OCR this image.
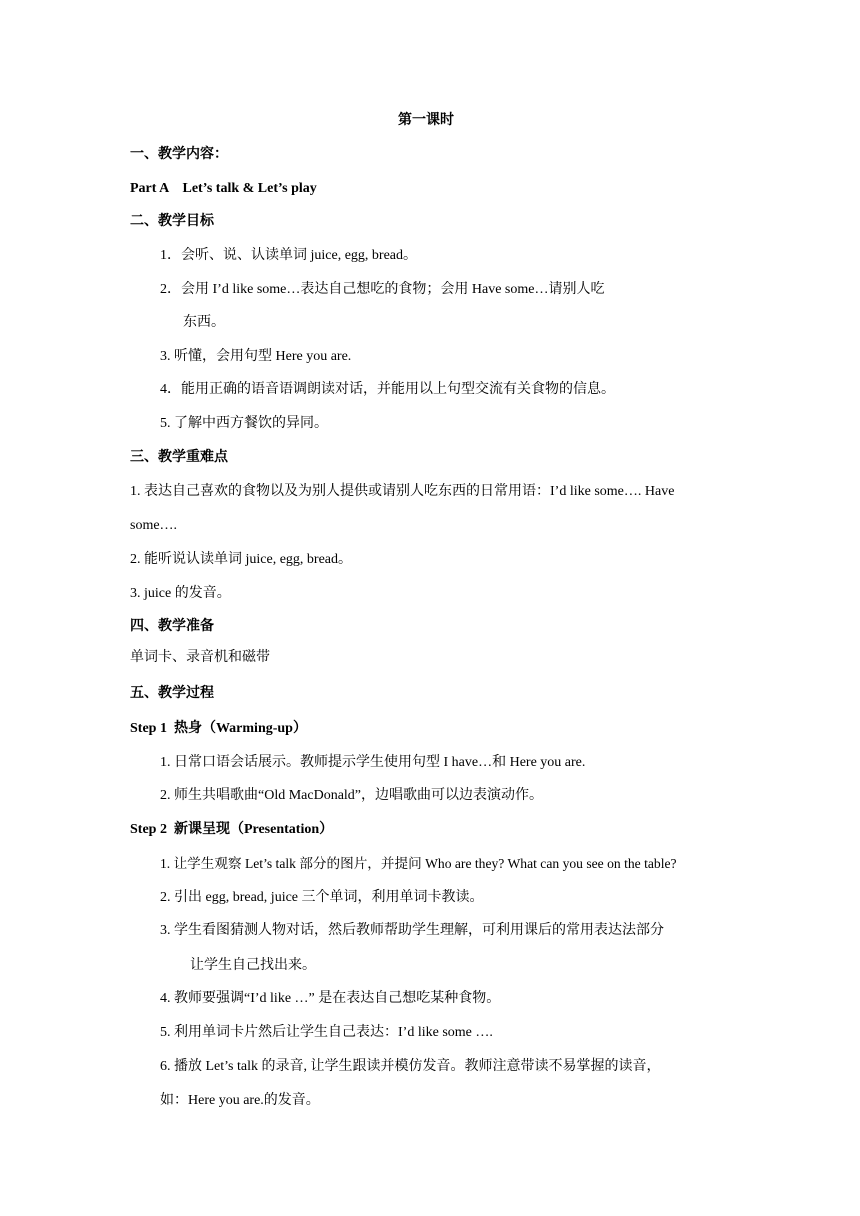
第一课时
一、教学内容：
Part A    Let’s talk & Let’s play
二、教学目标
1．会听、说、认读单词 juice, egg, bread。
2．会用 I’d like some…表达自己想吃的食物；会用 Have some…请别人吃
东西。
3. 听懂，会用句型 Here you are.
4．能用正确的语音语调朗读对话，并能用以上句型交流有关食物的信息。
5. 了解中西方餐饮的异同。
三、教学重难点
1. 表达自己喜欢的食物以及为别人提供或请别人吃东西的日常用语：I’d like some…. Have
some….
2. 能听说认读单词 juice, egg, bread。
3. juice 的发音。
四、教学准备
单词卡、录音机和磁带
五、教学过程
Step 1  热身（Warming-up）
1. 日常口语会话展示。教师提示学生使用句型 I have…和 Here you are.
2. 师生共唱歌曲“Old MacDonald”，边唱歌曲可以边表演动作。
Step 2  新课呈现（Presentation）
1. 让学生观察 Let’s talk 部分的图片，并提问 Who are they? What can you see on the table?
2. 引出 egg, bread, juice 三个单词，利用单词卡教读。
3. 学生看图猜测人物对话，然后教师帮助学生理解，可利用课后的常用表达法部分
让学生自己找出来。
4. 教师要强调“I’d like …” 是在表达自己想吃某种食物。
5. 利用单词卡片然后让学生自己表达：I’d like some ….
6. 播放 Let’s talk 的录音, 让学生跟读并模仿发音。教师注意带读不易掌握的读音，
如：Here you are.的发音。
